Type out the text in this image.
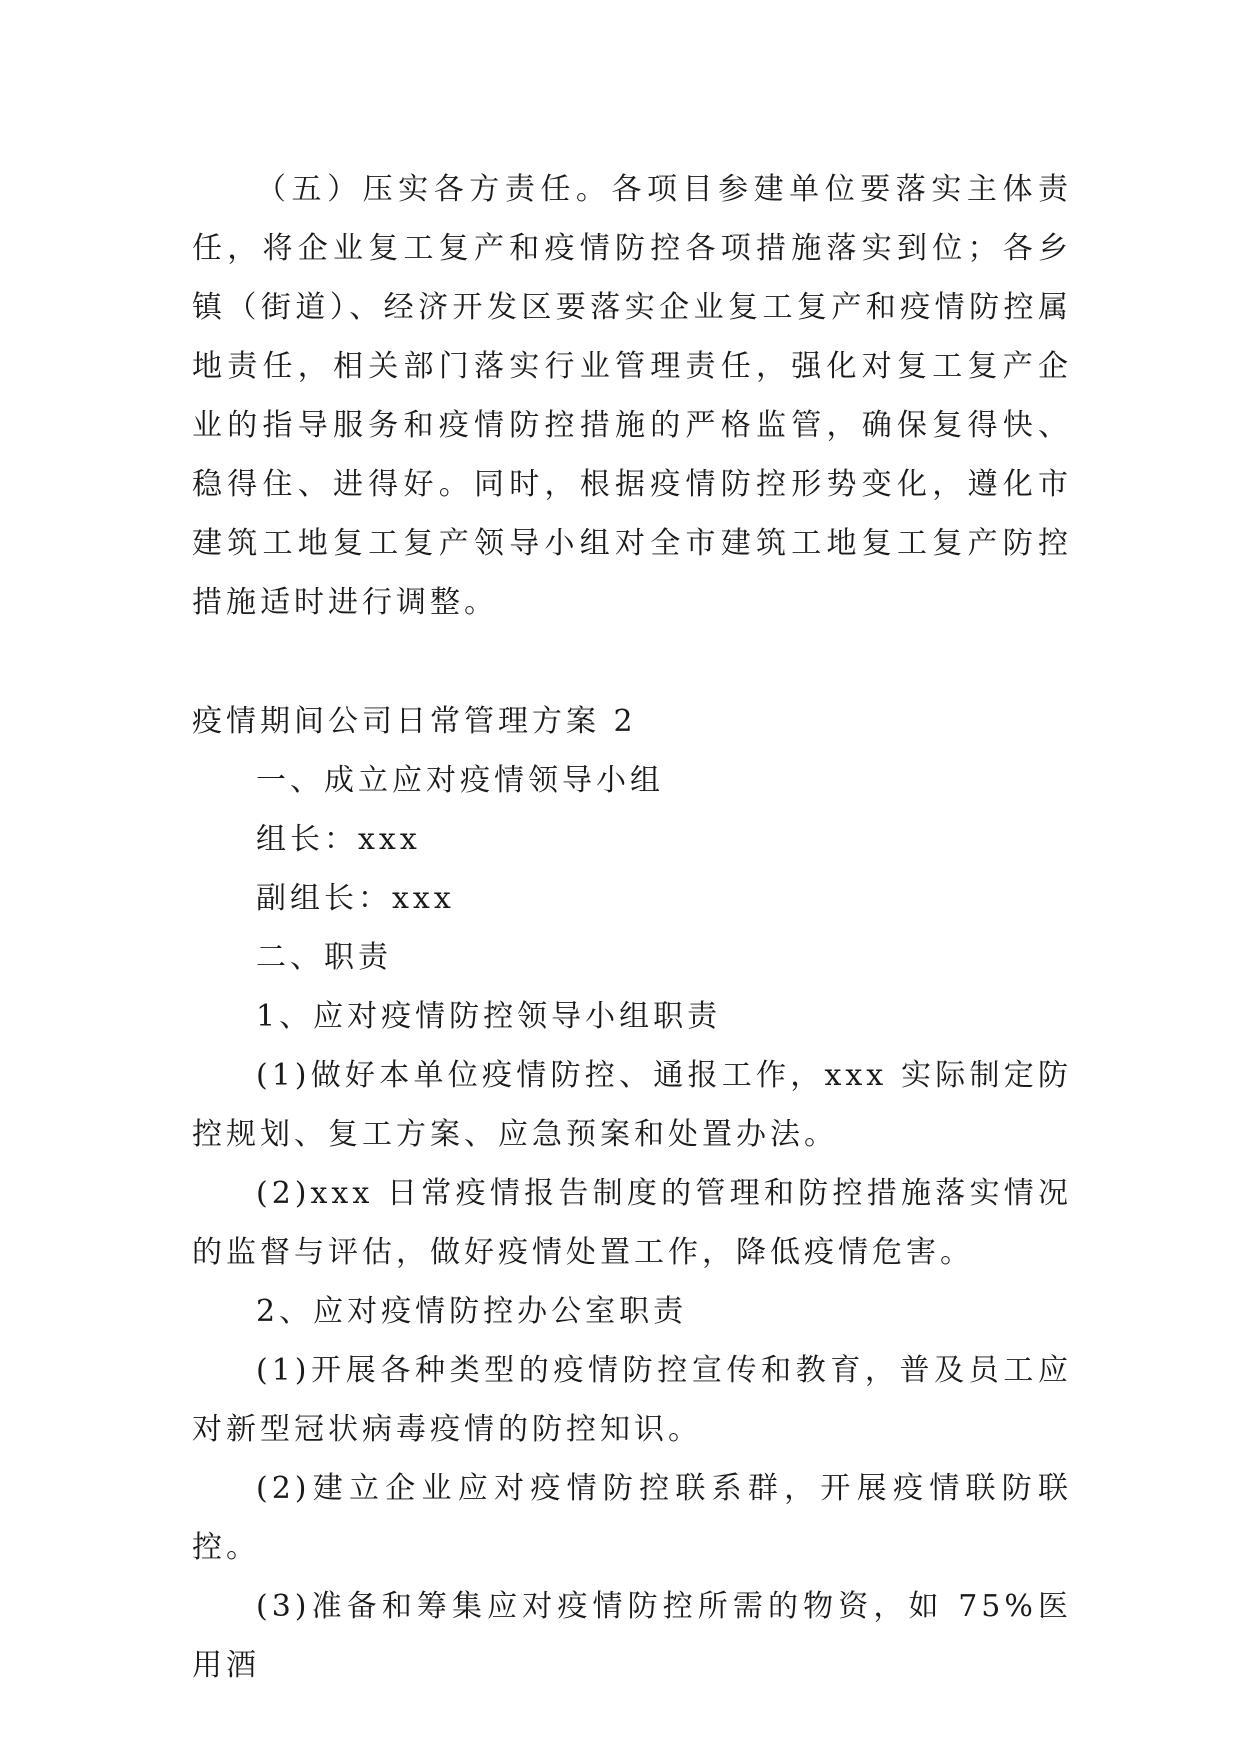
（五）压实各方责任。各项目参建单位要落实主体责任，将企业复工复产和疫情防控各项措施落实到位；各乡镇（街道）、经济开发区要落实企业复工复产和疫情防控属地责任，相关部门落实行业管理责任，强化对复工复产企业的指导服务和疫情防控措施的严格监管，确保复得快、稳得住、进得好。同时，根据疫情防控形势变化，遵化市建筑工地复工复产领导小组对全市建筑工地复工复产防控措施适时进行调整。

疫情期间公司日常管理方案 2

一、成立应对疫情领导小组

组长：xxx

副组长：xxx

二、职责

1、应对疫情防控领导小组职责

(1)做好本单位疫情防控、通报工作，xxx 实际制定防控规划、复工方案、应急预案和处置办法。

(2)xxx 日常疫情报告制度的管理和防控措施落实情况的监督与评估，做好疫情处置工作，降低疫情危害。

2、应对疫情防控办公室职责

(1)开展各种类型的疫情防控宣传和教育，普及员工应对新型冠状病毒疫情的防控知识。

(2)建立企业应对疫情防控联系群，开展疫情联防联控。

(3)准备和筹集应对疫情防控所需的物资，如 75%医用酒
